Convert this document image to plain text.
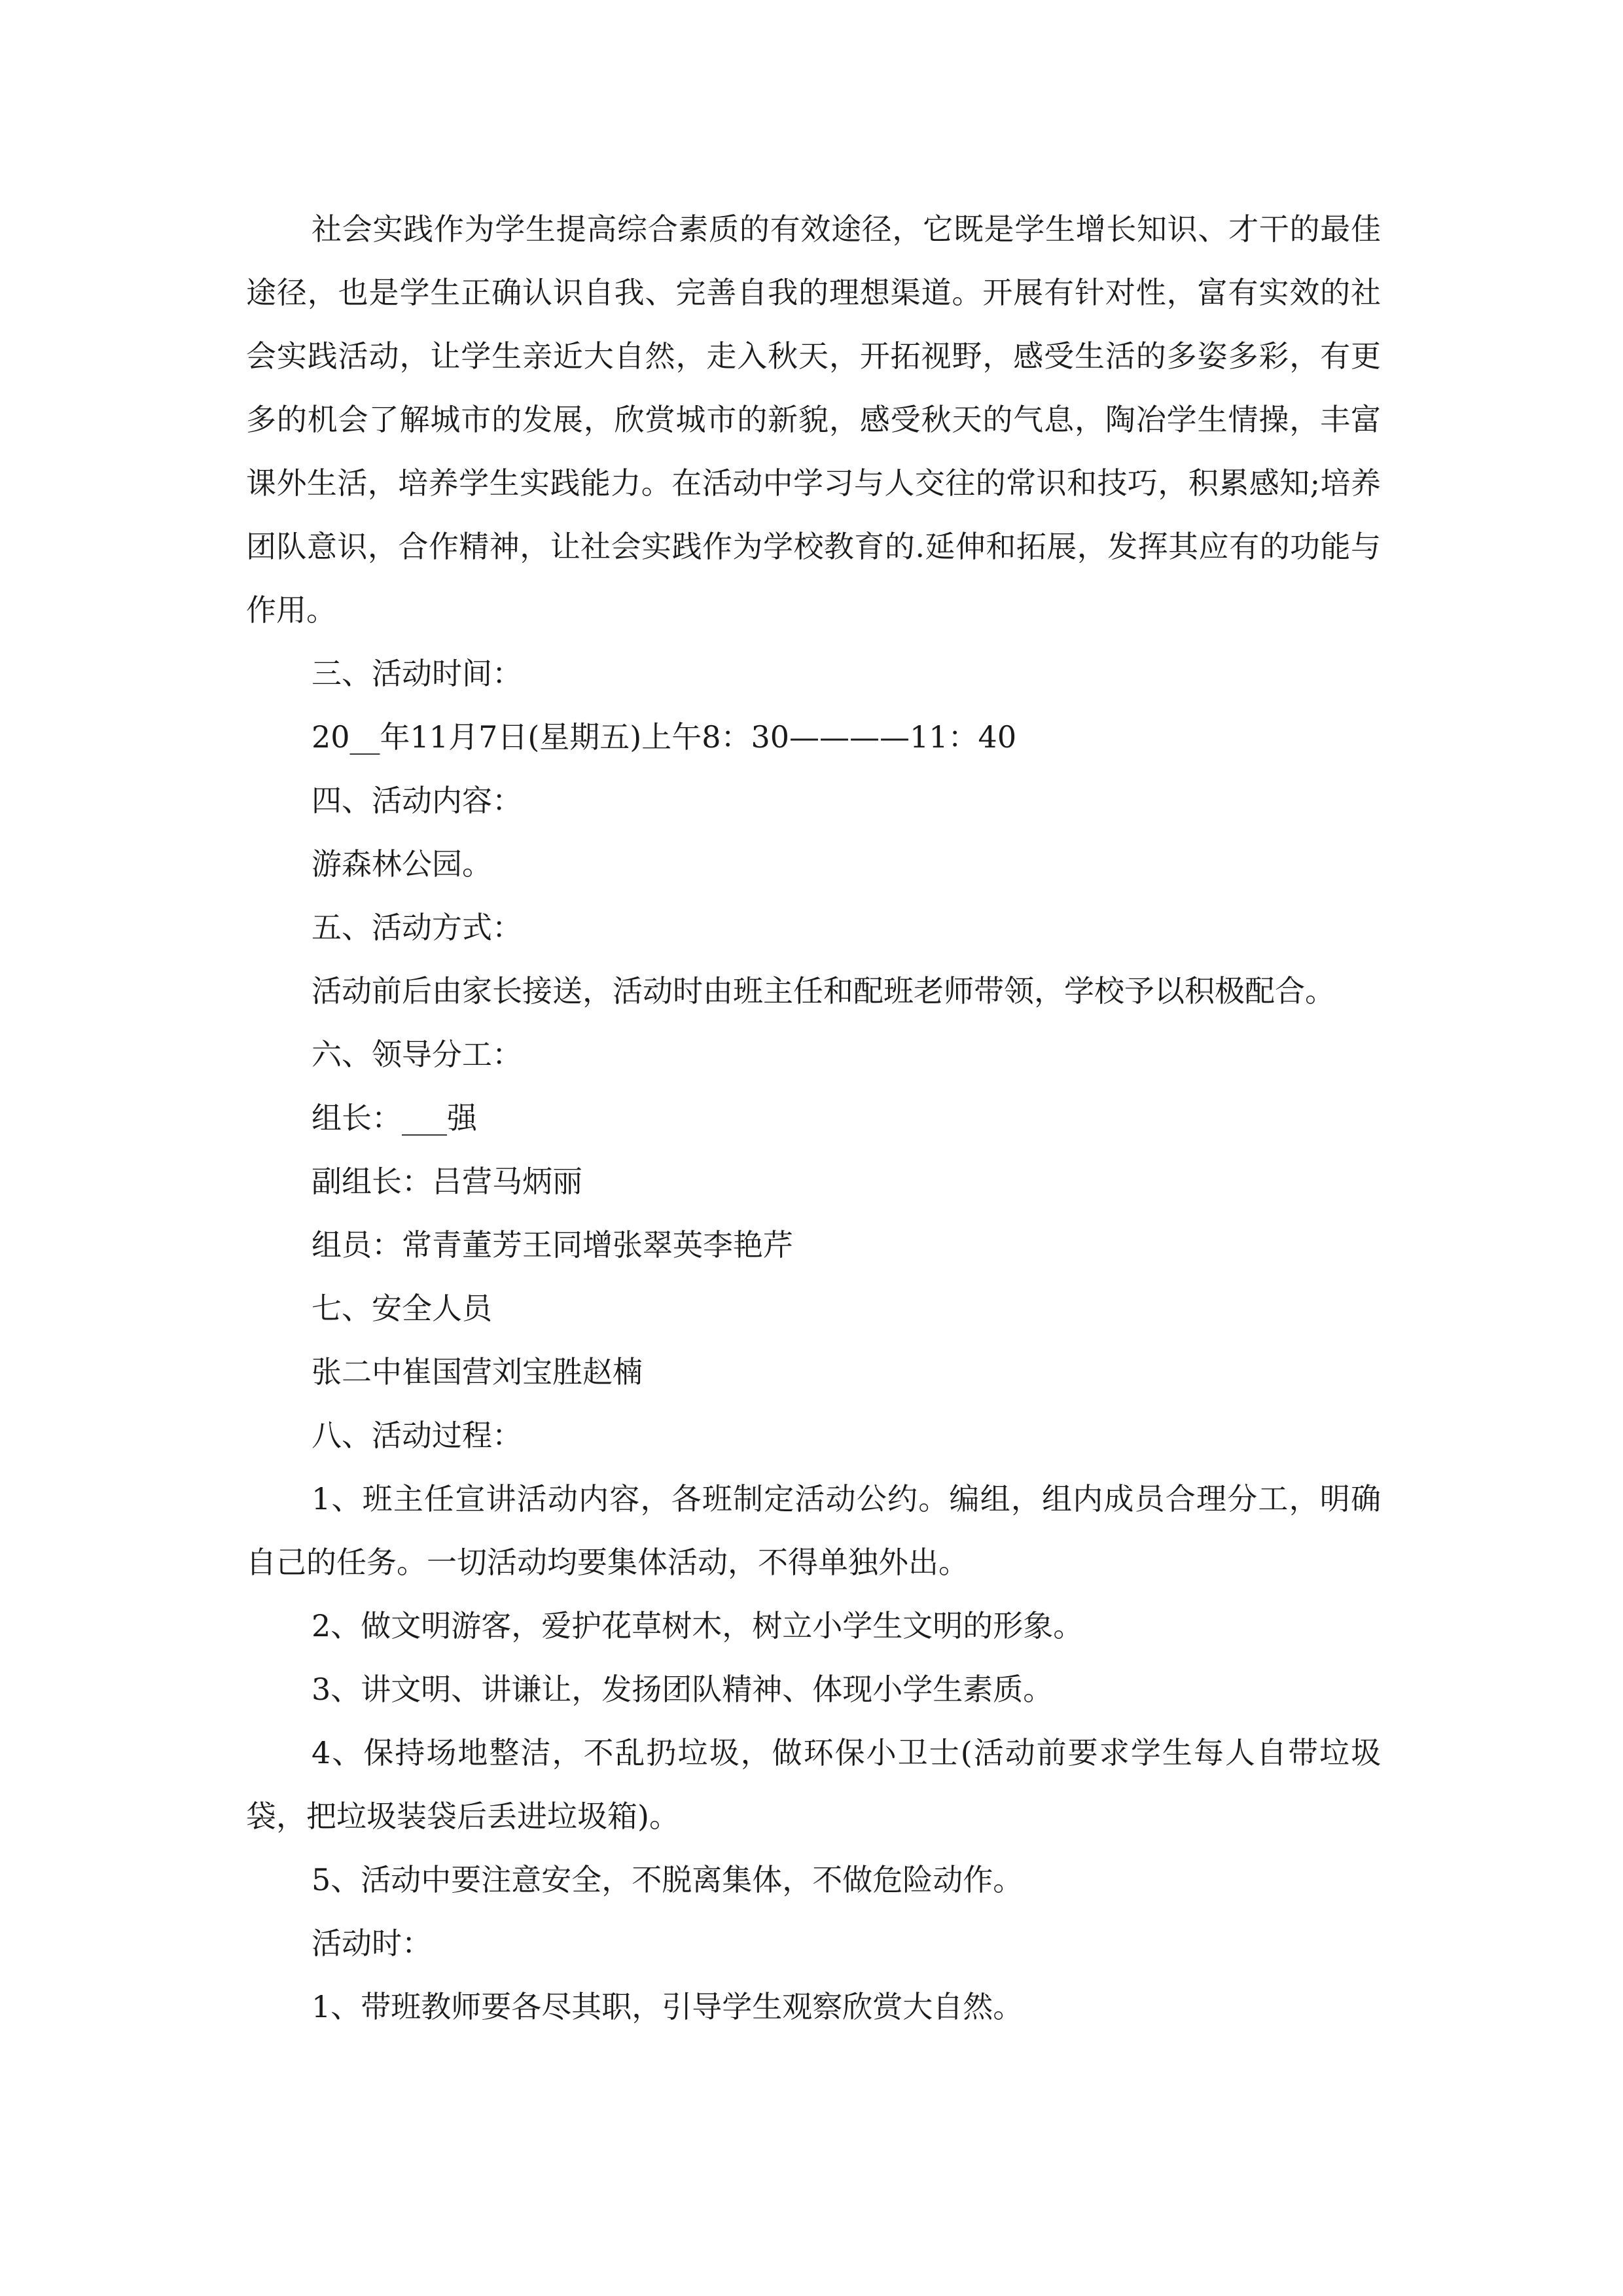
社会实践作为学生提高综合素质的有效途径，它既是学生增长知识、才干的最佳途径，也是学生正确认识自我、完善自我的理想渠道。开展有针对性，富有实效的社会实践活动，让学生亲近大自然，走入秋天，开拓视野，感受生活的多姿多彩，有更多的机会了解城市的发展，欣赏城市的新貌，感受秋天的气息，陶冶学生情操，丰富课外生活，培养学生实践能力。在活动中学习与人交往的常识和技巧，积累感知;培养团队意识，合作精神，让社会实践作为学校教育的.延伸和拓展，发挥其应有的功能与作用。

三、活动时间：

20__年11月7日(星期五)上午8：30————11：40

四、活动内容：

游森林公园。

五、活动方式：

活动前后由家长接送，活动时由班主任和配班老师带领，学校予以积极配合。

六、领导分工：

组长：___强

副组长：吕营马炳丽

组员：常青董芳王同增张翠英李艳芹

七、安全人员

张二中崔国营刘宝胜赵楠

八、活动过程：

1、班主任宣讲活动内容，各班制定活动公约。编组，组内成员合理分工，明确自己的任务。一切活动均要集体活动，不得单独外出。

2、做文明游客，爱护花草树木，树立小学生文明的形象。

3、讲文明、讲谦让，发扬团队精神、体现小学生素质。

4、保持场地整洁，不乱扔垃圾，做环保小卫士(活动前要求学生每人自带垃圾袋，把垃圾装袋后丢进垃圾箱)。

5、活动中要注意安全，不脱离集体，不做危险动作。

活动时：

1、带班教师要各尽其职，引导学生观察欣赏大自然。
